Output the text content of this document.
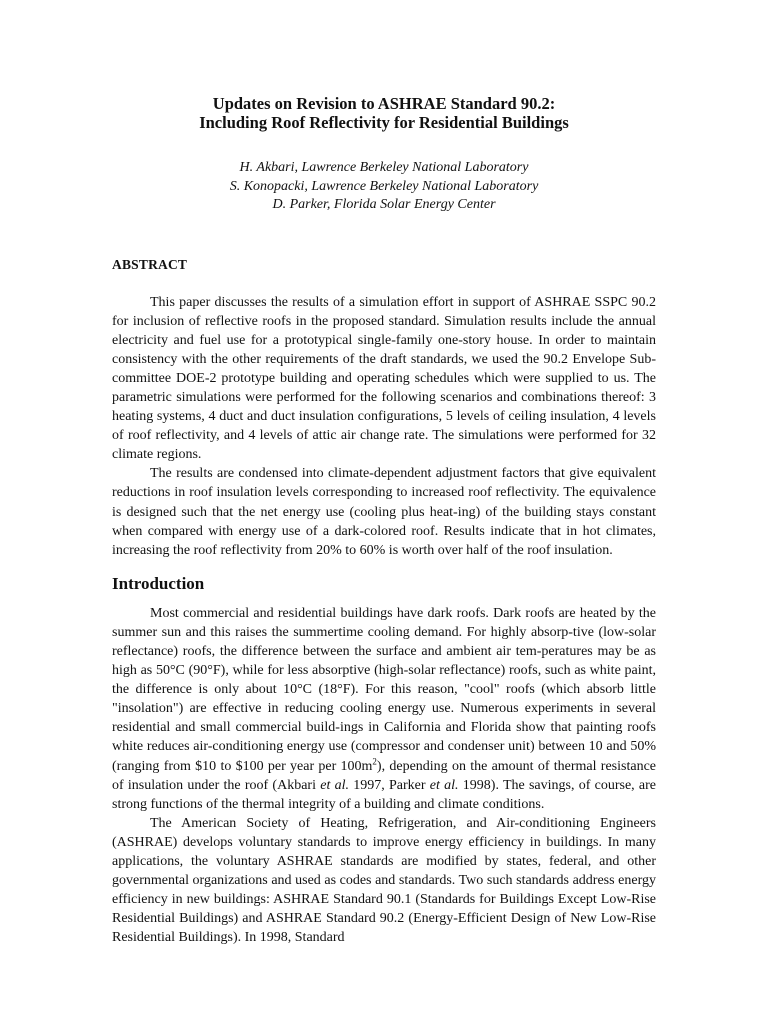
Updates on Revision to ASHRAE Standard 90.2:

Including Roof Reflectivity for Residential Buildings

H. Akbari, Lawrence Berkeley National Laboratory

S. Konopacki, Lawrence Berkeley National Laboratory

D. Parker, Florida Solar Energy Center

ABSTRACT

This paper discusses the results of a simulation effort in support of ASHRAE SSPC 90.2 for inclusion of reflective roofs in the proposed standard. Simulation results include the annual electricity and fuel use for a prototypical single-family one-story house. In order to maintain consistency with the other requirements of the draft standards, we used the 90.2 Envelope Sub-committee DOE-2 prototype building and operating schedules which were supplied to us. The parametric simulations were performed for the following scenarios and combinations thereof: 3 heating systems, 4 duct and duct insulation configurations, 5 levels of ceiling insulation, 4 levels of roof reflectivity, and 4 levels of attic air change rate. The simulations were performed for 32 climate regions.

The results are condensed into climate-dependent adjustment factors that give equivalent reductions in roof insulation levels corresponding to increased roof reflectivity. The equivalence is designed such that the net energy use (cooling plus heat-ing) of the building stays constant when compared with energy use of a dark-colored roof. Results indicate that in hot climates, increasing the roof reflectivity from 20% to 60% is worth over half of the roof insulation.

Introduction

Most commercial and residential buildings have dark roofs. Dark roofs are heated by the summer sun and this raises the summertime cooling demand. For highly absorp-tive (low-solar reflectance) roofs, the difference between the surface and ambient air tem-peratures may be as high as 50°C (90°F), while for less absorptive (high-solar reflectance) roofs, such as white paint, the difference is only about 10°C (18°F). For this reason, "cool" roofs (which absorb little "insolation") are effective in reducing cooling energy use. Numerous experiments in several residential and small commercial build-ings in California and Florida show that painting roofs white reduces air-conditioning energy use (compressor and condenser unit) between 10 and 50% (ranging from $10 to $100 per year per $100m^2$), depending on the amount of thermal resistance of insulation under the roof (Akbari et al. 1997, Parker et al. 1998). The savings, of course, are strong functions of the thermal integrity of a building and climate conditions.

The American Society of Heating, Refrigeration, and Air-conditioning Engineers (ASHRAE) develops voluntary standards to improve energy efficiency in buildings. In many applications, the voluntary ASHRAE standards are modified by states, federal, and other governmental organizations and used as codes and standards. Two such standards address energy efficiency in new buildings: ASHRAE Standard 90.1 (Standards for Buildings Except Low-Rise Residential Buildings) and ASHRAE Standard 90.2 (Energy-Efficient Design of New Low-Rise Residential Buildings). In 1998, Standard
